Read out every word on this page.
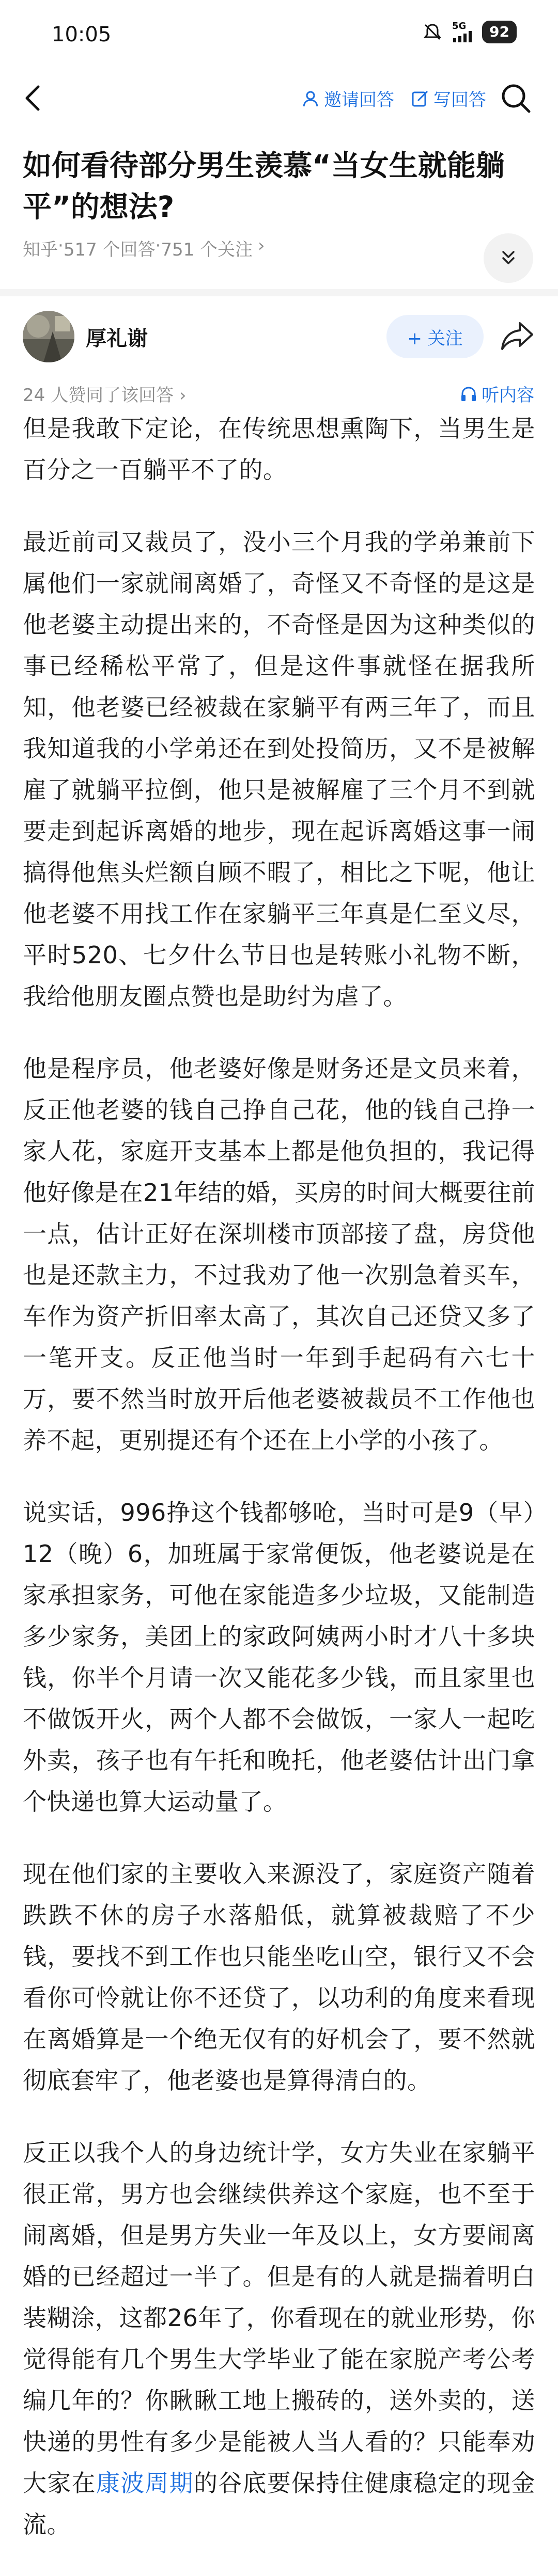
10:05	5G	92
邀请回答 写回答
如何看待部分男生羡慕“当女生就能躺平”的想法?
知乎 · 517 个回答 · 751 个关注 ›
厚礼谢	+ 关注
24 人赞同了该回答 ›	听内容

但是我敢下定论，在传统思想熏陶下，当男生是百分之一百躺平不了的。

最近前司又裁员了，没小三个月我的学弟兼前下属他们一家就闹离婚了，奇怪又不奇怪的是这是他老婆主动提出来的，不奇怪是因为这种类似的事已经稀松平常了，但是这件事就怪在据我所知，他老婆已经被裁在家躺平有两三年了，而且我知道我的小学弟还在到处投简历，又不是被解雇了就躺平拉倒，他只是被解雇了三个月不到就要走到起诉离婚的地步，现在起诉离婚这事一闹搞得他焦头烂额自顾不暇了，相比之下呢，他让他老婆不用找工作在家躺平三年真是仁至义尽，平时520、七夕什么节日也是转账小礼物不断，我给他朋友圈点赞也是助纣为虐了。

他是程序员，他老婆好像是财务还是文员来着，反正他老婆的钱自己挣自己花，他的钱自己挣一家人花，家庭开支基本上都是他负担的，我记得他好像是在21年结的婚，买房的时间大概要往前一点，估计正好在深圳楼市顶部接了盘，房贷他也是还款主力，不过我劝了他一次别急着买车，车作为资产折旧率太高了，其次自己还贷又多了一笔开支。反正他当时一年到手起码有六七十万，要不然当时放开后他老婆被裁员不工作他也养不起，更别提还有个还在上小学的小孩了。

说实话，996挣这个钱都够呛，当时可是9（早）12（晚）6，加班属于家常便饭，他老婆说是在家承担家务，可他在家能造多少垃圾，又能制造多少家务，美团上的家政阿姨两小时才八十多块钱，你半个月请一次又能花多少钱，而且家里也不做饭开火，两个人都不会做饭，一家人一起吃外卖，孩子也有午托和晚托，他老婆估计出门拿个快递也算大运动量了。

现在他们家的主要收入来源没了，家庭资产随着跌跌不休的房子水落船低，就算被裁赔了不少钱，要找不到工作也只能坐吃山空，银行又不会看你可怜就让你不还贷了，以功利的角度来看现在离婚算是一个绝无仅有的好机会了，要不然就彻底套牢了，他老婆也是算得清白的。

反正以我个人的身边统计学，女方失业在家躺平很正常，男方也会继续供养这个家庭，也不至于闹离婚，但是男方失业一年及以上，女方要闹离婚的已经超过一半了。但是有的人就是揣着明白装糊涂，这都26年了，你看现在的就业形势，你觉得能有几个男生大学毕业了能在家脱产考公考编几年的？你瞅瞅工地上搬砖的，送外卖的，送快递的男性有多少是能被人当人看的？只能奉劝大家在康波周期的谷底要保持住健康稳定的现金流。
